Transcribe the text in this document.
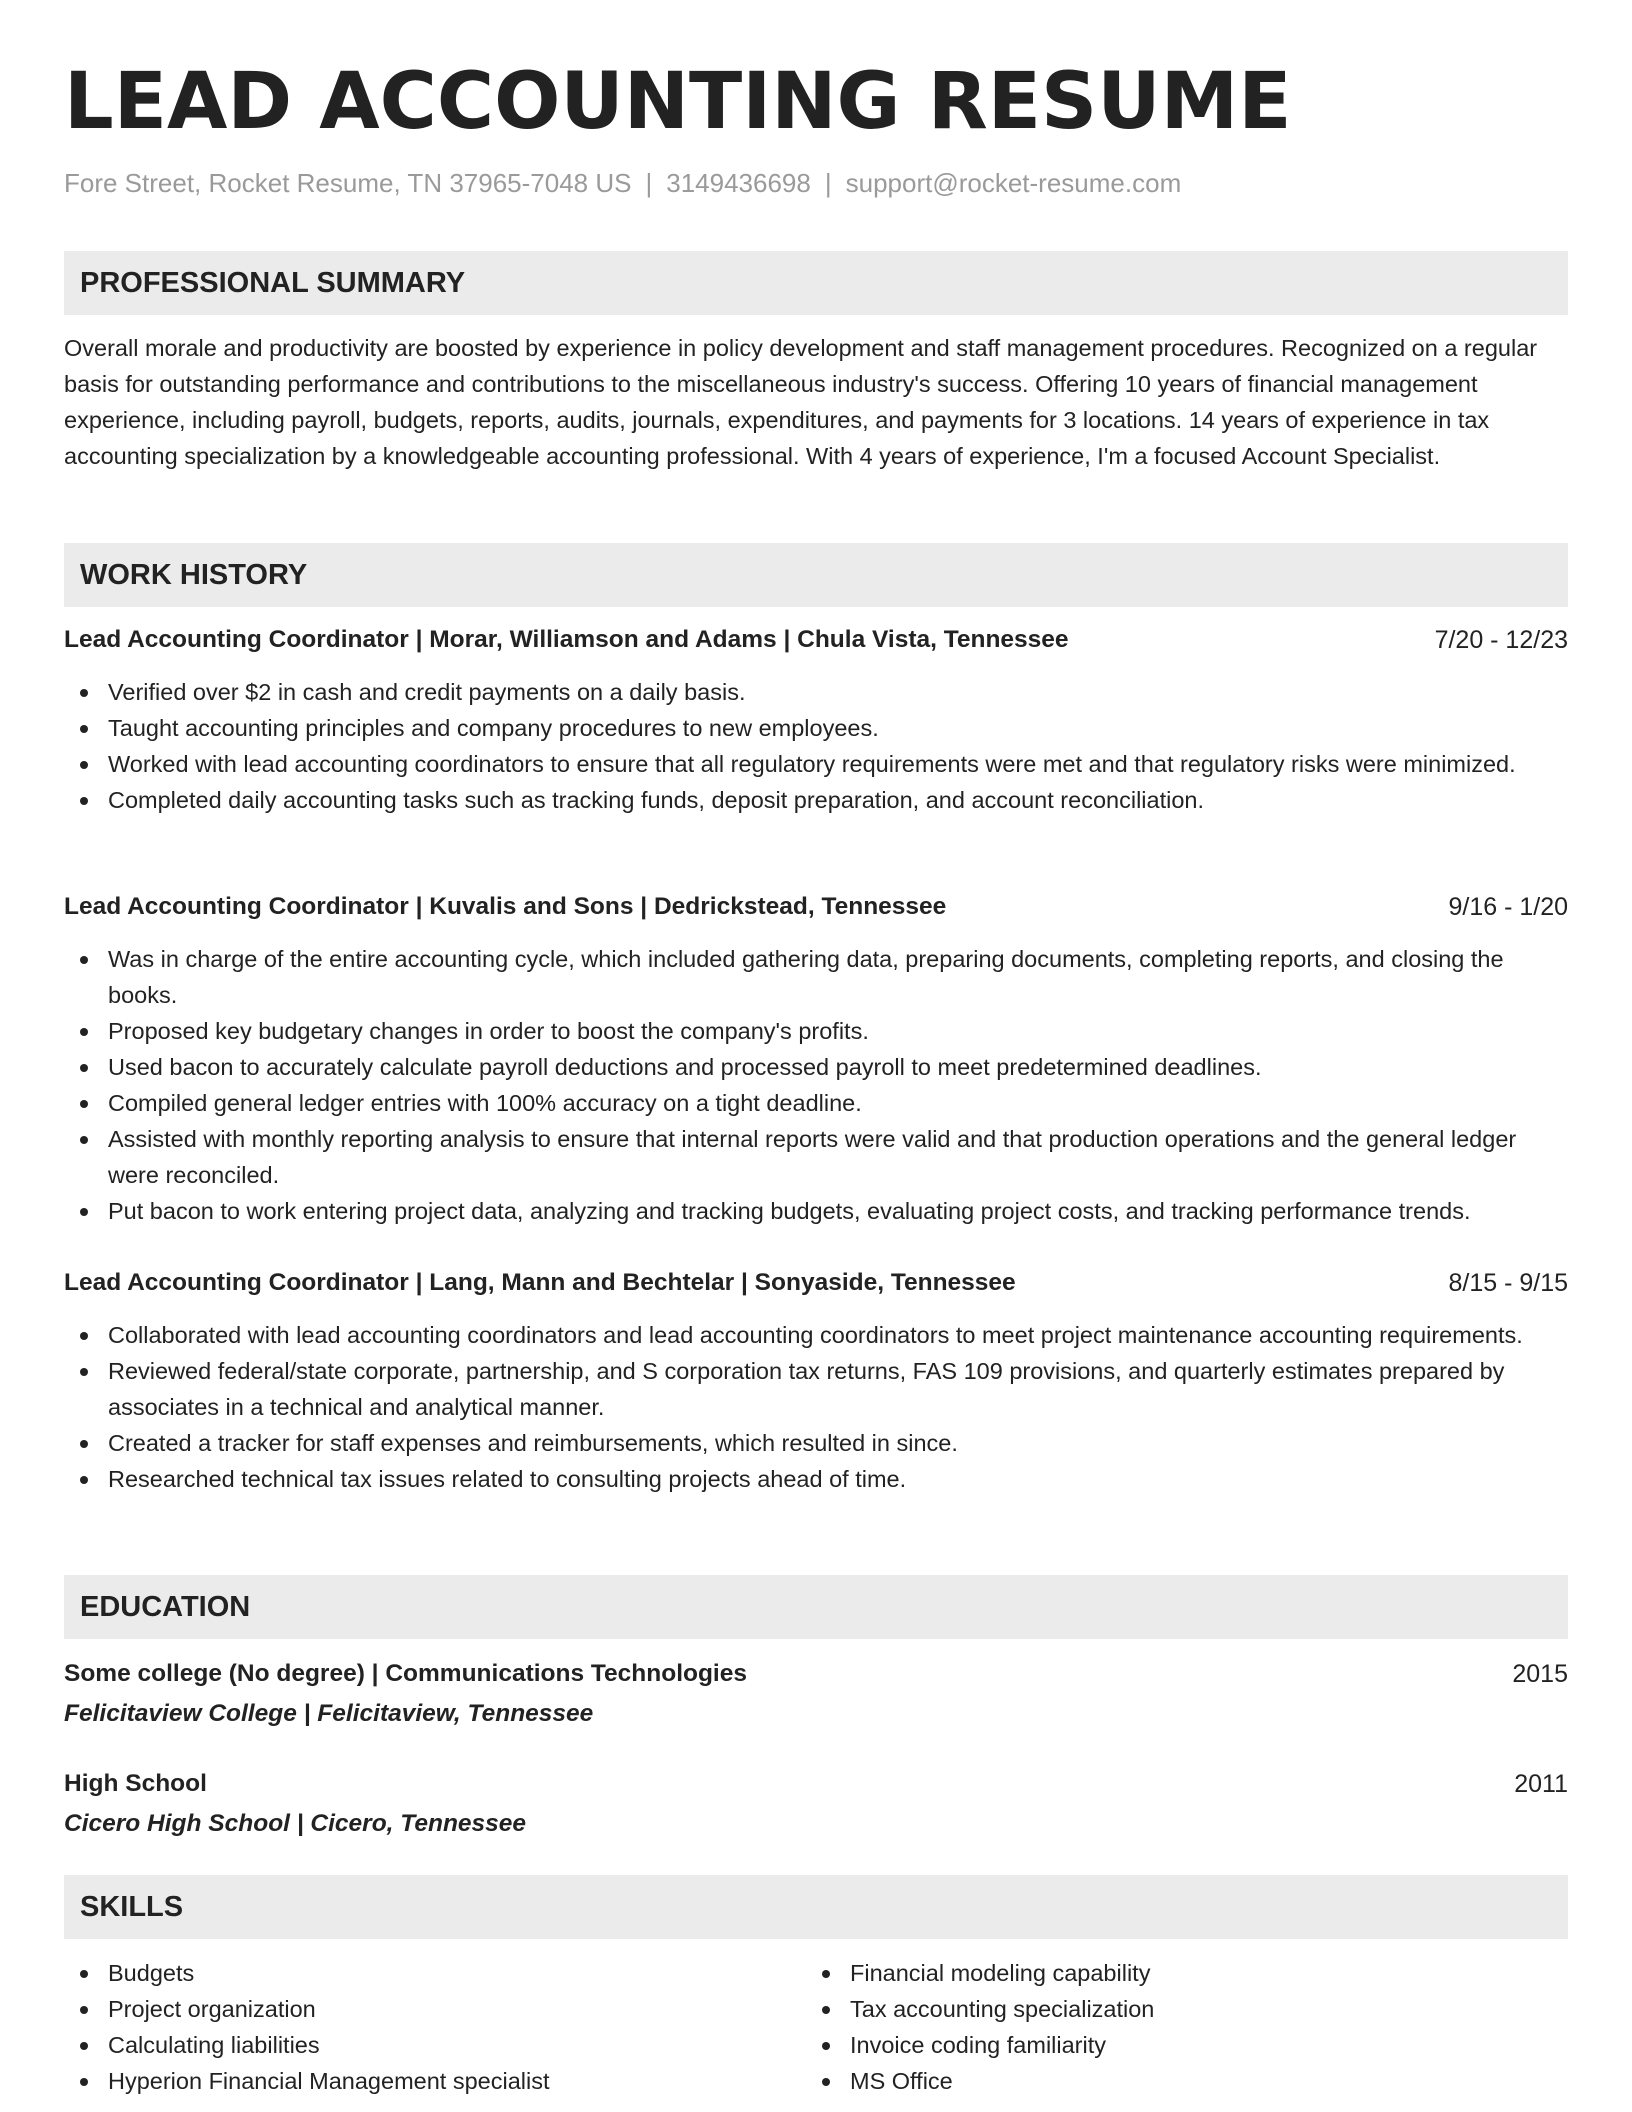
LEAD ACCOUNTING RESUME
Fore Street, Rocket Resume, TN 37965-7048 US | 3149436698 | support@rocket-resume.com
PROFESSIONAL SUMMARY
Overall morale and productivity are boosted by experience in policy development and staff management procedures. Recognized on a regular basis for outstanding performance and contributions to the miscellaneous industry's success. Offering 10 years of financial management experience, including payroll, budgets, reports, audits, journals, expenditures, and payments for 3 locations. 14 years of experience in tax accounting specialization by a knowledgeable accounting professional. With 4 years of experience, I'm a focused Account Specialist.
WORK HISTORY
Lead Accounting Coordinator | Morar, Williamson and Adams | Chula Vista, Tennessee	7/20 - 12/23
Verified over $2 in cash and credit payments on a daily basis.
Taught accounting principles and company procedures to new employees.
Worked with lead accounting coordinators to ensure that all regulatory requirements were met and that regulatory risks were minimized.
Completed daily accounting tasks such as tracking funds, deposit preparation, and account reconciliation.
Lead Accounting Coordinator | Kuvalis and Sons | Dedrickstead, Tennessee	9/16 - 1/20
Was in charge of the entire accounting cycle, which included gathering data, preparing documents, completing reports, and closing the books.
Proposed key budgetary changes in order to boost the company's profits.
Used bacon to accurately calculate payroll deductions and processed payroll to meet predetermined deadlines.
Compiled general ledger entries with 100% accuracy on a tight deadline.
Assisted with monthly reporting analysis to ensure that internal reports were valid and that production operations and the general ledger were reconciled.
Put bacon to work entering project data, analyzing and tracking budgets, evaluating project costs, and tracking performance trends.
Lead Accounting Coordinator | Lang, Mann and Bechtelar | Sonyaside, Tennessee	8/15 - 9/15
Collaborated with lead accounting coordinators and lead accounting coordinators to meet project maintenance accounting requirements.
Reviewed federal/state corporate, partnership, and S corporation tax returns, FAS 109 provisions, and quarterly estimates prepared by associates in a technical and analytical manner.
Created a tracker for staff expenses and reimbursements, which resulted in since.
Researched technical tax issues related to consulting projects ahead of time.
EDUCATION
Some college (No degree) | Communications Technologies	2015
Felicitaview College | Felicitaview, Tennessee
High School	2011
Cicero High School | Cicero, Tennessee
SKILLS
Budgets
Project organization
Calculating liabilities
Hyperion Financial Management specialist
Financial modeling capability
Tax accounting specialization
Invoice coding familiarity
MS Office
